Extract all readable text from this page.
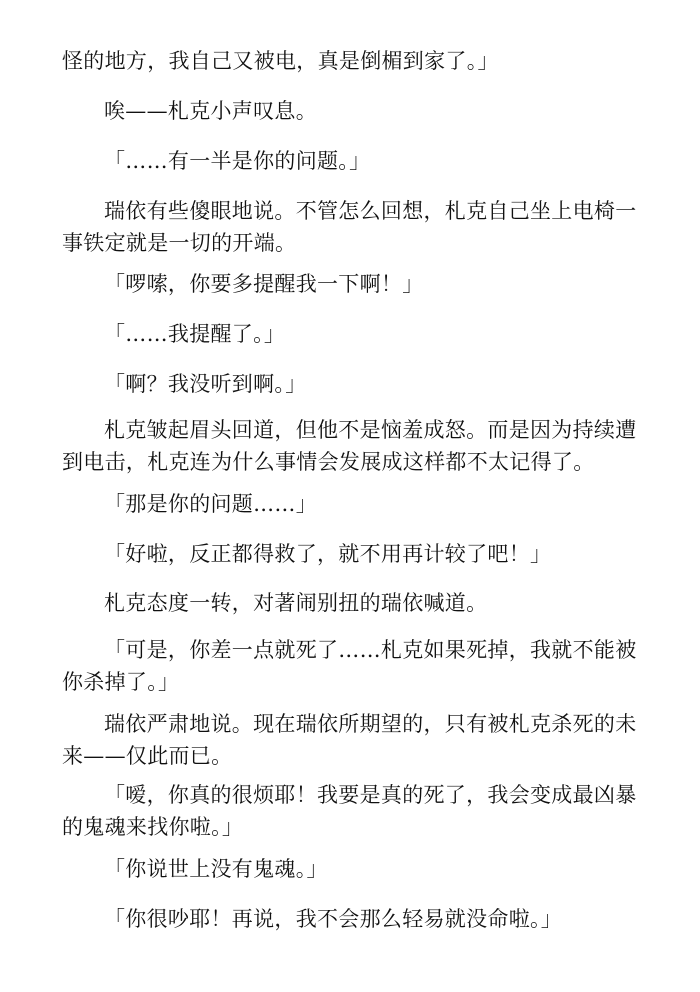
怪的地方，我自己又被电，真是倒楣到家了。」

唉——札克小声叹息。

「……有一半是你的问题。」

瑞依有些傻眼地说。不管怎么回想，札克自己坐上电椅一事铁定就是一切的开端。

「啰嗦，你要多提醒我一下啊！」

「……我提醒了。」

「啊？我没听到啊。」

札克皱起眉头回道，但他不是恼羞成怒。而是因为持续遭到电击，札克连为什么事情会发展成这样都不太记得了。

「那是你的问题……」

「好啦，反正都得救了，就不用再计较了吧！」

札克态度一转，对著闹别扭的瑞依喊道。

「可是，你差一点就死了……札克如果死掉，我就不能被你杀掉了。」

瑞依严肃地说。现在瑞依所期望的，只有被札克杀死的未来——仅此而已。

「嗳，你真的很烦耶！我要是真的死了，我会变成最凶暴的鬼魂来找你啦。」

「你说世上没有鬼魂。」

「你很吵耶！再说，我不会那么轻易就没命啦。」
